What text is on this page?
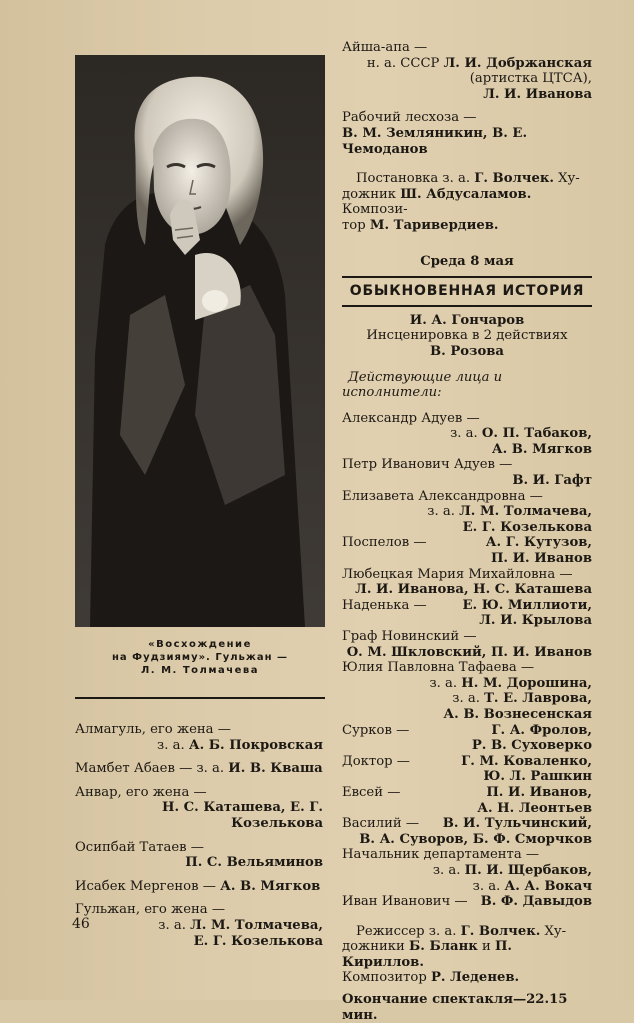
«Восхождение
на Фудзияму». Гульжан —
Л. М. Толмачева
Алмагуль, его жена —
з. а. А. Б. Покровская
Мамбет Абаев — з. а. И. В. Кваша
Анвар, его жена —
Н. С. Каташева, Е. Г. Козелькова
Осипбай Татаев —
П. С. Вельяминов
Исабек Мергенов — А. В. Мягков
Гульжан, его жена —
з. а. Л. М. Толмачева,
Е. Г. Козелькова
46
Айша-апа —
н. а. СССР Л. И. Добржанская
(артистка ЦТСА),
Л. И. Иванова
Рабочий лесхоза —
В. М. Земляникин, В. Е. Чемоданов
Постановка з. а. Г. Волчек. Ху-
дожник Ш. Абдусаламов. Компози-
тор М. Таривердиев.
Среда 8 мая
ОБЫКНОВЕННАЯ ИСТОРИЯ
И. А. Гончаров
Инсценировка в 2 действиях
В. Розова
Действующие лица и исполнители:
Александр Адуев —
з. а. О. П. Табаков,
А. В. Мягков
Петр Иванович Адуев —
В. И. Гафт
Елизавета Александровна —
з. а. Л. М. Толмачева,
Е. Г. Козелькова
Поспелов —	А. Г. Кутузов,
П. И. Иванов
Любецкая Мария Михайловна —
Л. И. Иванова, Н. С. Каташева
Наденька —	Е. Ю. Миллиоти,
Л. И. Крылова
Граф Новинский —
О. М. Шкловский, П. И. Иванов
Юлия Павловна Тафаева —
з. а. Н. М. Дорошина,
з. а. Т. Е. Лаврова,
А. В. Вознесенская
Сурков —	Г. А. Фролов,
Р. В. Суховерко
Доктор —	Г. М. Коваленко,
Ю. Л. Рашкин
Евсей —	П. И. Иванов,
А. Н. Леонтьев
Василий — В. И. Тульчинский,
В. А. Суворов, Б. Ф. Сморчков
Начальник департамента —
з. а. П. И. Щербаков,
з. а. А. А. Вокач
Иван Иванович — В. Ф. Давыдов
Режиссер з. а. Г. Волчек. Ху-
дожники Б. Бланк и П. Кириллов.
Композитор Р. Леденев.
Окончание спектакля—22.15 мин.
